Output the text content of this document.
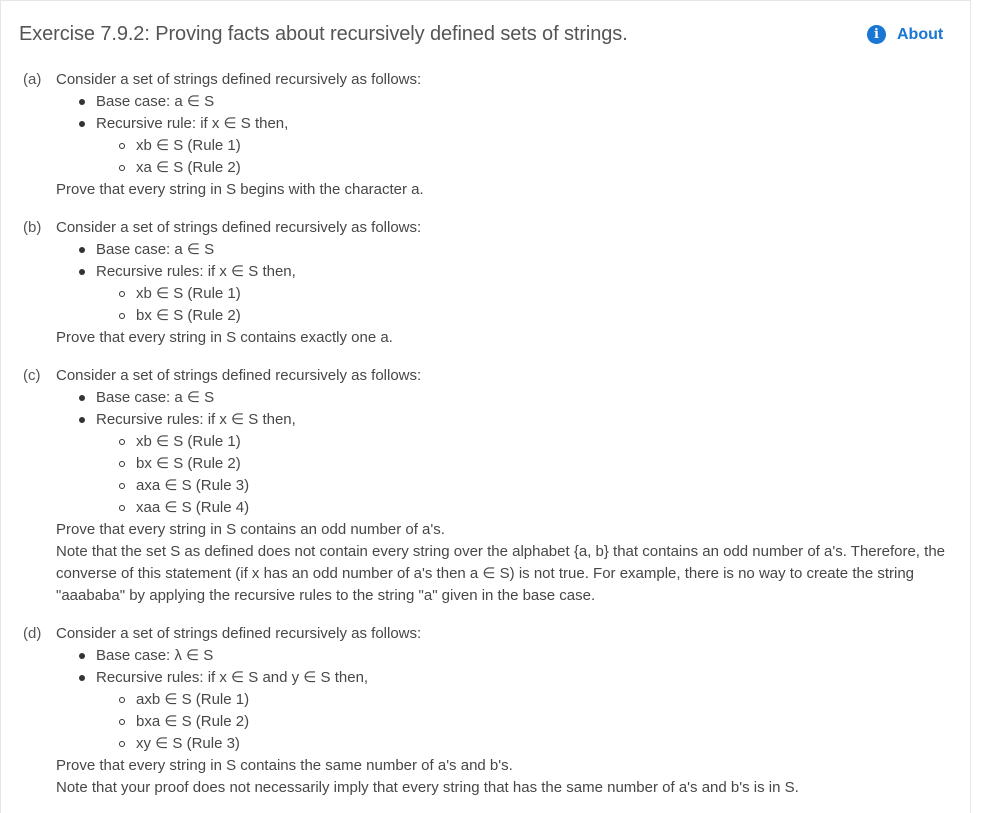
Exercise 7.9.2: Proving facts about recursively defined sets of strings.	i	About
(a) Consider a set of strings defined recursively as follows:

Base case: a ∈ S
Recursive rule: if x ∈ S then,
xb ∈ S (Rule 1)
xa ∈ S (Rule 2)

Prove that every string in S begins with the character a.

(b) Consider a set of strings defined recursively as follows:

Base case: a ∈ S
Recursive rules: if x ∈ S then,
xb ∈ S (Rule 1)
bx ∈ S (Rule 2)

Prove that every string in S contains exactly one a.

(c)	Consider a set of strings defined recursively as follows:

Base case: a ∈ S
Recursive rules: if x ∈ S then,
xb ∈ S (Rule 1)
bx ∈ S (Rule 2)
axa ∈ S (Rule 3)
xaa ∈ S (Rule 4)

Prove that every string in S contains an odd number of a's.

Note that the set S as defined does not contain every string over the alphabet {a, b} that contains an odd number of a's. Therefore, the converse of this statement (if x has an odd number of a's then a ∈ S) is not true. For example, there is no way to create the string "aaababa" by applying the recursive rules to the string "a" given in the base case.

(d) Consider a set of strings defined recursively as follows:

Base case: λ ∈ S
Recursive rules: if x ∈ S and y ∈ S then,
axb ∈ S (Rule 1)
bxa ∈ S (Rule 2)
xy ∈ S (Rule 3)

Prove that every string in S contains the same number of a's and b's.

Note that your proof does not necessarily imply that every string that has the same number of a's and b's is in S.
